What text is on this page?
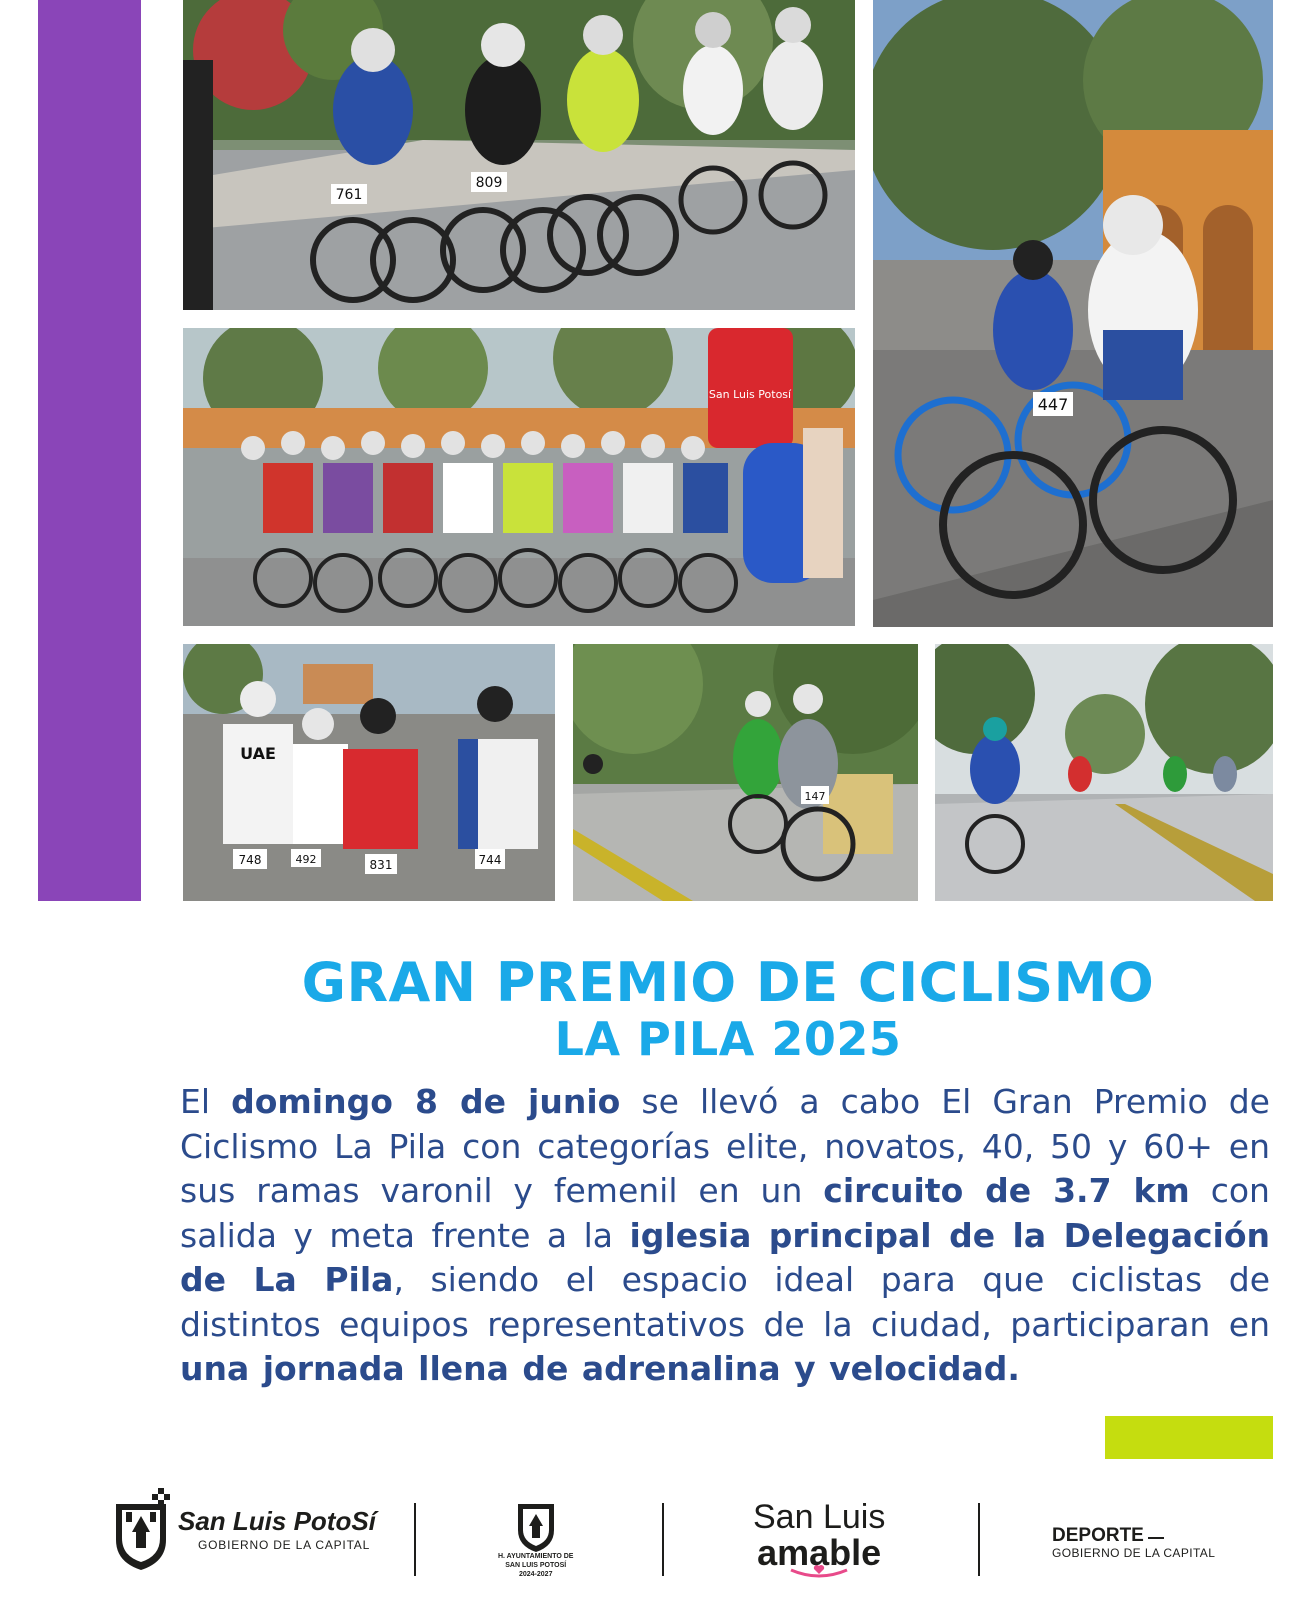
761
809
San Luis Potosí
447
UAE
748	492	831	744
147
GRAN PREMIO DE CICLISMO
LA PILA 2025

El domingo 8 de junio se llevó a cabo El Gran Premio de Ciclismo La Pila con categorías elite, novatos, 40, 50 y 60+ en sus ramas varonil y femenil en un circuito de 3.7 km con salida y meta frente a la iglesia principal de la Delegación de La Pila, siendo el espacio ideal para que ciclistas de distintos equipos representativos de la ciudad, participaran en una jornada llena de adrenalina y velocidad.

San Luis PotoSí
GOBIERNO DE LA CAPITAL
H. AYUNTAMIENTO DE
SAN LUIS POTOSÍ
2024-2027
San Luis
amable	DEPORTE
GOBIERNO DE LA CAPITAL
